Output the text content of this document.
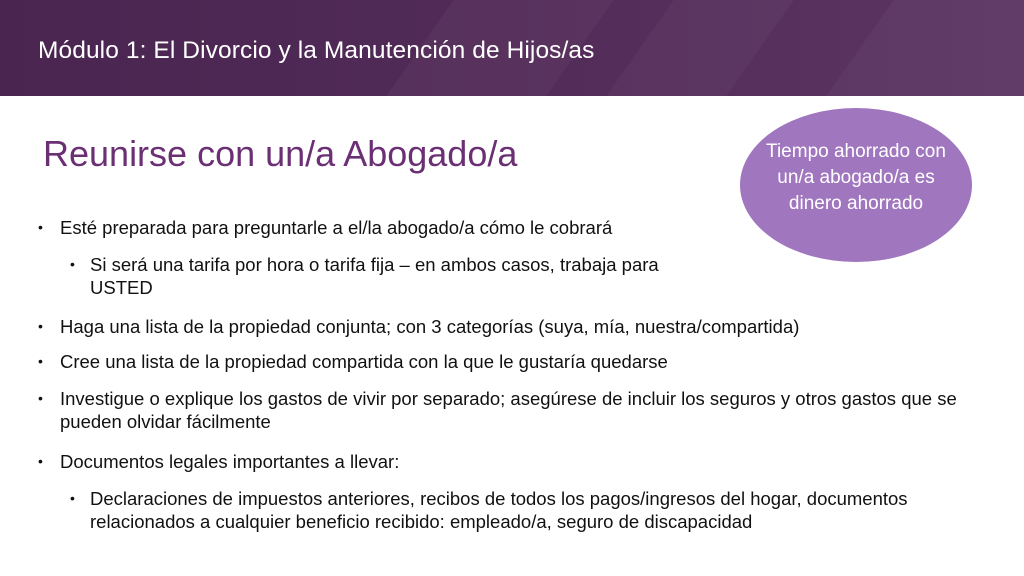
Módulo 1: El Divorcio y la Manutención de Hijos/as
Reunirse con un/a Abogado/a	Tiempo ahorrado con un/a abogado/a es dinero ahorrado
• Esté preparada para preguntarle a el/la abogado/a cómo le cobrará
• Si será una tarifa por hora o tarifa fija – en ambos casos, trabaja para USTED
• Haga una lista de la propiedad conjunta; con 3 categorías (suya, mía, nuestra/compartida)
• Cree una lista de la propiedad compartida con la que le gustaría quedarse
• Investigue o explique los gastos de vivir por separado; asegúrese de incluir los seguros y otros gastos que se pueden olvidar fácilmente
• Documentos legales importantes a llevar:
• Declaraciones de impuestos anteriores, recibos de todos los pagos/ingresos del hogar, documentos relacionados a cualquier beneficio recibido: empleado/a, seguro de discapacidad
